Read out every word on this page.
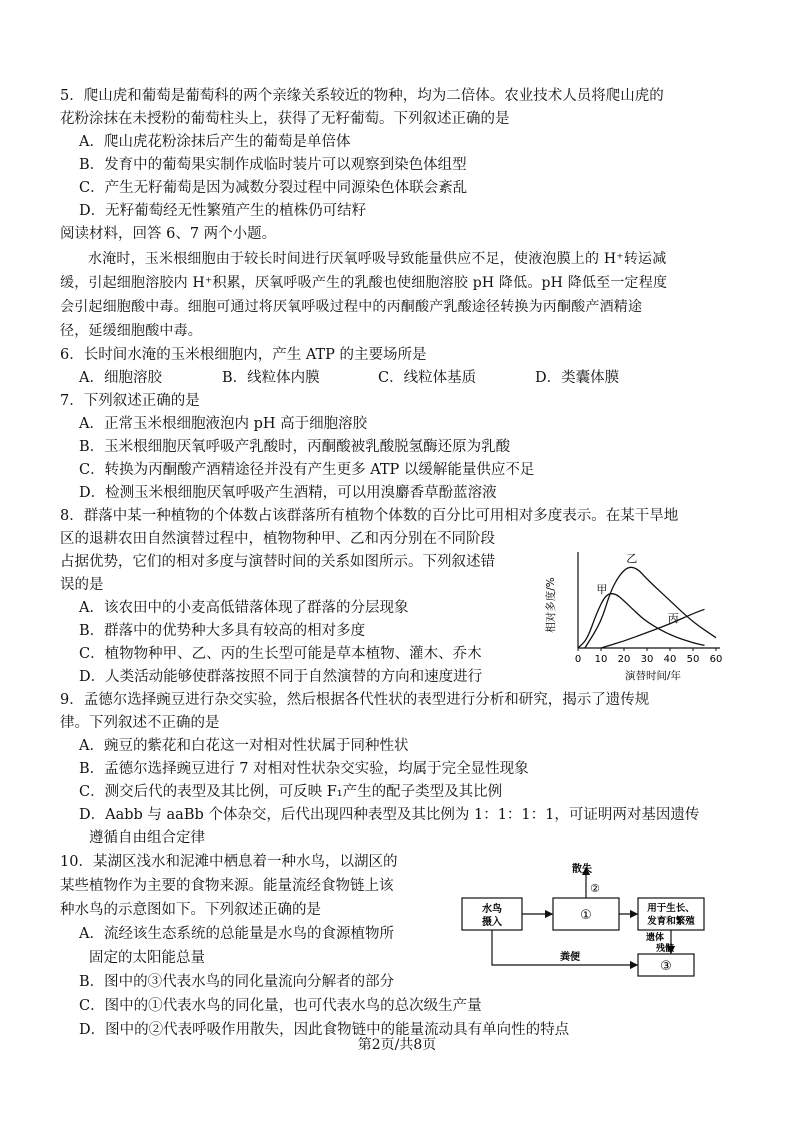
5．爬山虎和葡萄是葡萄科的两个亲缘关系较近的物种，均为二倍体。农业技术人员将爬山虎的
花粉涂抹在未授粉的葡萄柱头上，获得了无籽葡萄。下列叙述正确的是
A．爬山虎花粉涂抹后产生的葡萄是单倍体
B．发育中的葡萄果实制作成临时装片可以观察到染色体组型
C．产生无籽葡萄是因为减数分裂过程中同源染色体联会紊乱
D．无籽葡萄经无性繁殖产生的植株仍可结籽
阅读材料，回答 6、7 两个小题。
水淹时，玉米根细胞由于较长时间进行厌氧呼吸导致能量供应不足，使液泡膜上的 H⁺转运减
缓，引起细胞溶胶内 H⁺积累，厌氧呼吸产生的乳酸也使细胞溶胶 pH 降低。pH 降低至一定程度
会引起细胞酸中毒。细胞可通过将厌氧呼吸过程中的丙酮酸产乳酸途径转换为丙酮酸产酒精途
径，延缓细胞酸中毒。
6．长时间水淹的玉米根细胞内，产生 ATP 的主要场所是
A．细胞溶胶	B．线粒体内膜	C．线粒体基质	D．类囊体膜
7．下列叙述正确的是
A．正常玉米根细胞液泡内 pH 高于细胞溶胶
B．玉米根细胞厌氧呼吸产乳酸时，丙酮酸被乳酸脱氢酶还原为乳酸
C．转换为丙酮酸产酒精途径并没有产生更多 ATP 以缓解能量供应不足
D．检测玉米根细胞厌氧呼吸产生酒精，可以用溴麝香草酚蓝溶液
8．群落中某一种植物的个体数占该群落所有植物个体数的百分比可用相对多度表示。在某干旱地
区的退耕农田自然演替过程中，植物物种甲、乙和丙分别在不同阶段
占据优势，它们的相对多度与演替时间的关系如图所示。下列叙述错
误的是
A．该农田中的小麦高低错落体现了群落的分层现象
B．群落中的优势种大多具有较高的相对多度
C．植物物种甲、乙、丙的生长型可能是草本植物、灌木、乔木
D．人类活动能够使群落按照不同于自然演替的方向和速度进行
0 10 20 30 40 50 60
演替时间/年
相对多度/%	甲
乙
丙
9．孟德尔选择豌豆进行杂交实验，然后根据各代性状的表型进行分析和研究，揭示了遗传规
律。下列叙述不正确的是
A．豌豆的紫花和白花这一对相对性状属于同种性状
B．孟德尔选择豌豆进行 7 对相对性状杂交实验，均属于完全显性现象
C．测交后代的表型及其比例，可反映 F₁产生的配子类型及其比例
D．Aabb 与 aaBb 个体杂交，后代出现四种表型及其比例为 1：1：1：1，可证明两对基因遗传
遵循自由组合定律
10．某湖区浅水和泥滩中栖息着一种水鸟，以湖区的
某些植物作为主要的食物来源。能量流经食物链上该
种水鸟的示意图如下。下列叙述正确的是
A．流经该生态系统的总能量是水鸟的食源植物所
固定的太阳能总量
B．图中的③代表水鸟的同化量流向分解者的部分
C．图中的①代表水鸟的同化量，也可代表水鸟的总次级生产量
D．图中的②代表呼吸作用散失，因此食物链中的能量流动具有单向性的特点
水鸟
摄入	①	用于生长、
发育和繁殖
③
散失
②
遗体
残骸
粪便
第2页/共8页
